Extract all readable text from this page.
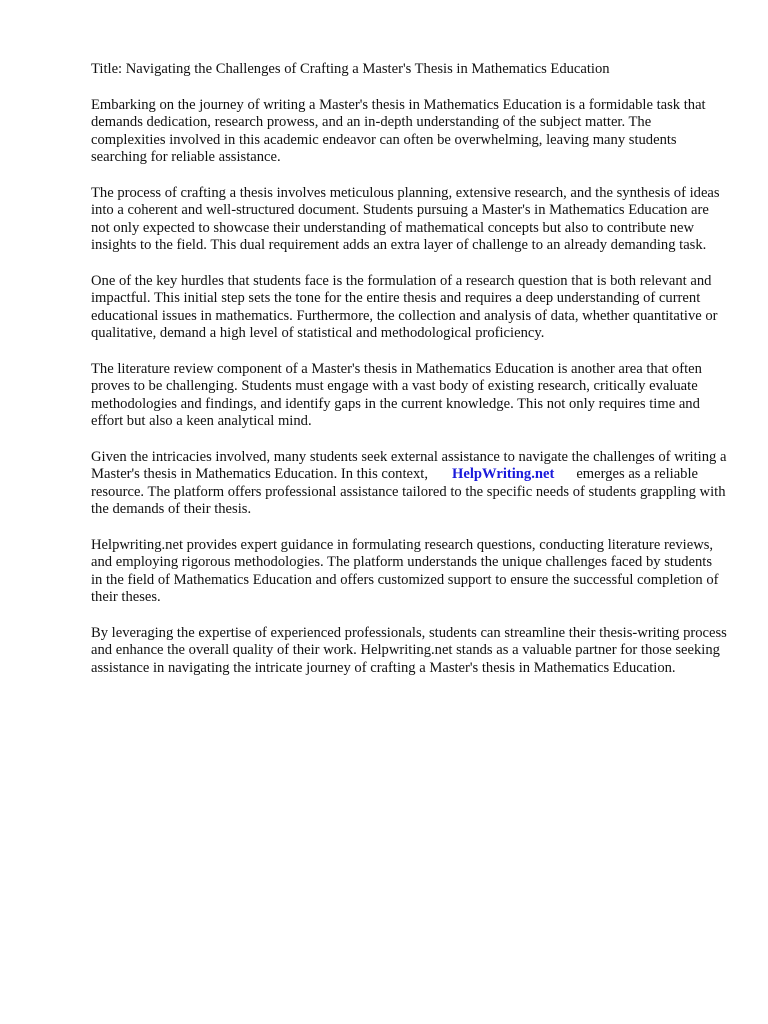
Title: Navigating the Challenges of Crafting a Master's Thesis in Mathematics Education

Embarking on the journey of writing a Master's thesis in Mathematics Education is a formidable task that demands dedication, research prowess, and an in-depth understanding of the subject matter. The complexities involved in this academic endeavor can often be overwhelming, leaving many students searching for reliable assistance.

The process of crafting a thesis involves meticulous planning, extensive research, and the synthesis of ideas into a coherent and well-structured document. Students pursuing a Master's in Mathematics Education are not only expected to showcase their understanding of mathematical concepts but also to contribute new insights to the field. This dual requirement adds an extra layer of challenge to an already demanding task.

One of the key hurdles that students face is the formulation of a research question that is both relevant and impactful. This initial step sets the tone for the entire thesis and requires a deep understanding of current educational issues in mathematics. Furthermore, the collection and analysis of data, whether quantitative or qualitative, demand a high level of statistical and methodological proficiency.

The literature review component of a Master's thesis in Mathematics Education is another area that often proves to be challenging. Students must engage with a vast body of existing research, critically evaluate methodologies and findings, and identify gaps in the current knowledge. This not only requires time and effort but also a keen analytical mind.

Given the intricacies involved, many students seek external assistance to navigate the challenges of writing a Master's thesis in Mathematics Education. In this context, HelpWriting.net emerges as a reliable resource. The platform offers professional assistance tailored to the specific needs of students grappling with the demands of their thesis.

Helpwriting.net provides expert guidance in formulating research questions, conducting literature reviews, and employing rigorous methodologies. The platform understands the unique challenges faced by students in the field of Mathematics Education and offers customized support to ensure the successful completion of their theses.

By leveraging the expertise of experienced professionals, students can streamline their thesis-writing process and enhance the overall quality of their work. Helpwriting.net stands as a valuable partner for those seeking assistance in navigating the intricate journey of crafting a Master's thesis in Mathematics Education.
